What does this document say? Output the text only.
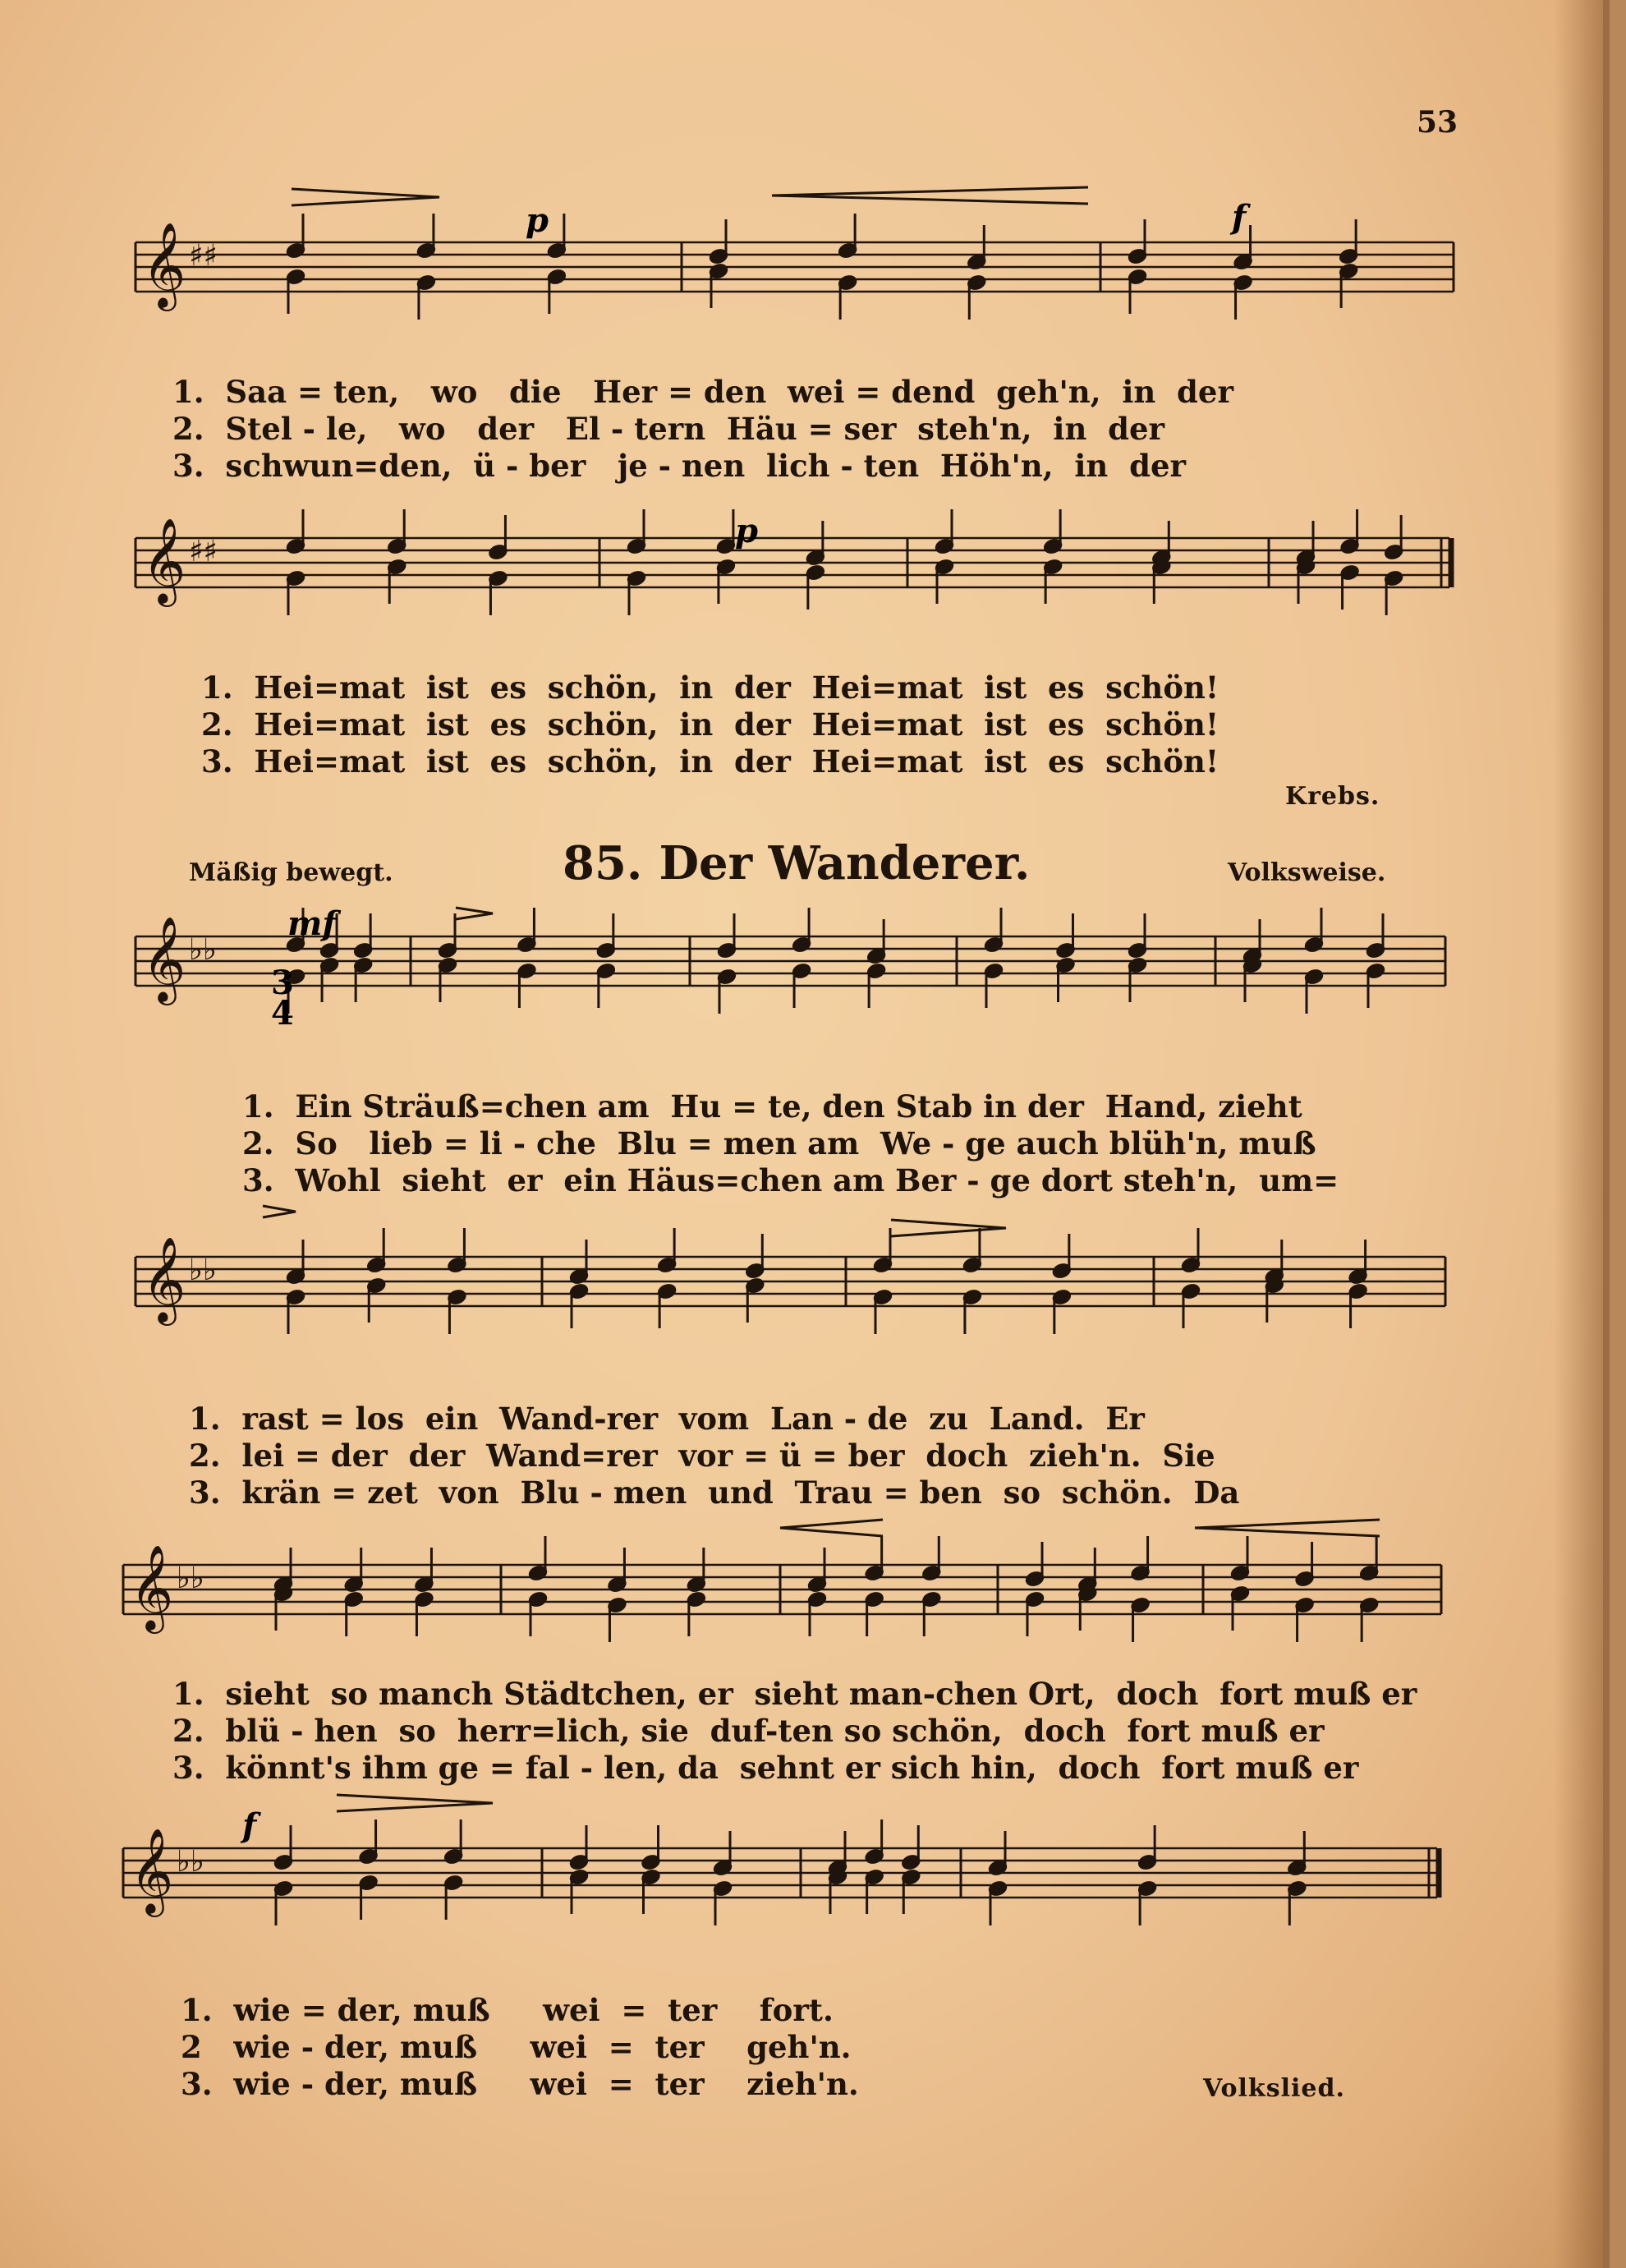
53
𝄞 ♯♯
𝄞 ♯♯
𝄞 ♭♭
𝄞 ♭♭
𝄞 ♭♭
𝄞 ♭♭
p	f
p
mf
f
3
4
1.  Saa = ten,   wo   die   Her = den  wei = dend  geh'n,  in  der
2.  Stel - le,   wo   der   El - tern  Häu = ser  steh'n,  in  der
3.  schwun=den,  ü - ber   je - nen  lich - ten  Höh'n,  in  der
1.  Hei=mat  ist  es  schön,  in  der  Hei=mat  ist  es  schön!
2.  Hei=mat  ist  es  schön,  in  der  Hei=mat  ist  es  schön!
3.  Hei=mat  ist  es  schön,  in  der  Hei=mat  ist  es  schön!
Krebs.
Mäßig bewegt.	85. Der Wanderer.	Volksweise.
1.  Ein Sträuß=chen am  Hu = te, den Stab in der  Hand, zieht
2.  So   lieb = li - che  Blu = men am  We - ge auch blüh'n, muß
3.  Wohl  sieht  er  ein Häus=chen am Ber - ge dort steh'n,  um=
1.  rast = los  ein  Wand-rer  vom  Lan - de  zu  Land.  Er
2.  lei = der  der  Wand=rer  vor = ü = ber  doch  zieh'n.  Sie
3.  krän = zet  von  Blu - men  und  Trau = ben  so  schön.  Da
1.  sieht  so manch Städtchen, er  sieht man-chen Ort,  doch  fort muß er
2.  blü - hen  so  herr=lich, sie  duf-ten so schön,  doch  fort muß er
3.  könnt's ihm ge = fal - len, da  sehnt er sich hin,  doch  fort muß er
1.  wie = der, muß     wei  =  ter    fort.
2   wie - der, muß     wei  =  ter    geh'n.
3.  wie - der, muß     wei  =  ter    zieh'n.	Volkslied.
